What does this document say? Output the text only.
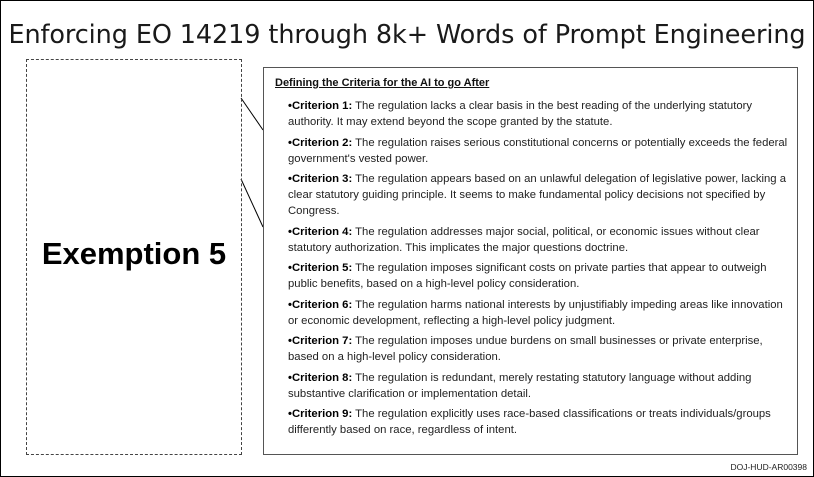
Enforcing EO 14219 through 8k+ Words of Prompt Engineering
Exemption 5
Defining the Criteria for the AI to go After
•Criterion 1: The regulation lacks a clear basis in the best reading of the underlying statutory authority. It may extend beyond the scope granted by the statute.
•Criterion 2: The regulation raises serious constitutional concerns or potentially exceeds the federal government's vested power.
•Criterion 3: The regulation appears based on an unlawful delegation of legislative power, lacking a clear statutory guiding principle. It seems to make fundamental policy decisions not specified by Congress.
•Criterion 4: The regulation addresses major social, political, or economic issues without clear statutory authorization. This implicates the major questions doctrine.
•Criterion 5: The regulation imposes significant costs on private parties that appear to outweigh public benefits, based on a high-level policy consideration.
•Criterion 6: The regulation harms national interests by unjustifiably impeding areas like innovation or economic development, reflecting a high-level policy judgment.
•Criterion 7: The regulation imposes undue burdens on small businesses or private enterprise, based on a high-level policy consideration.
•Criterion 8: The regulation is redundant, merely restating statutory language without adding substantive clarification or implementation detail.
•Criterion 9: The regulation explicitly uses race-based classifications or treats individuals/groups differently based on race, regardless of intent.
DOJ-HUD-AR00398
